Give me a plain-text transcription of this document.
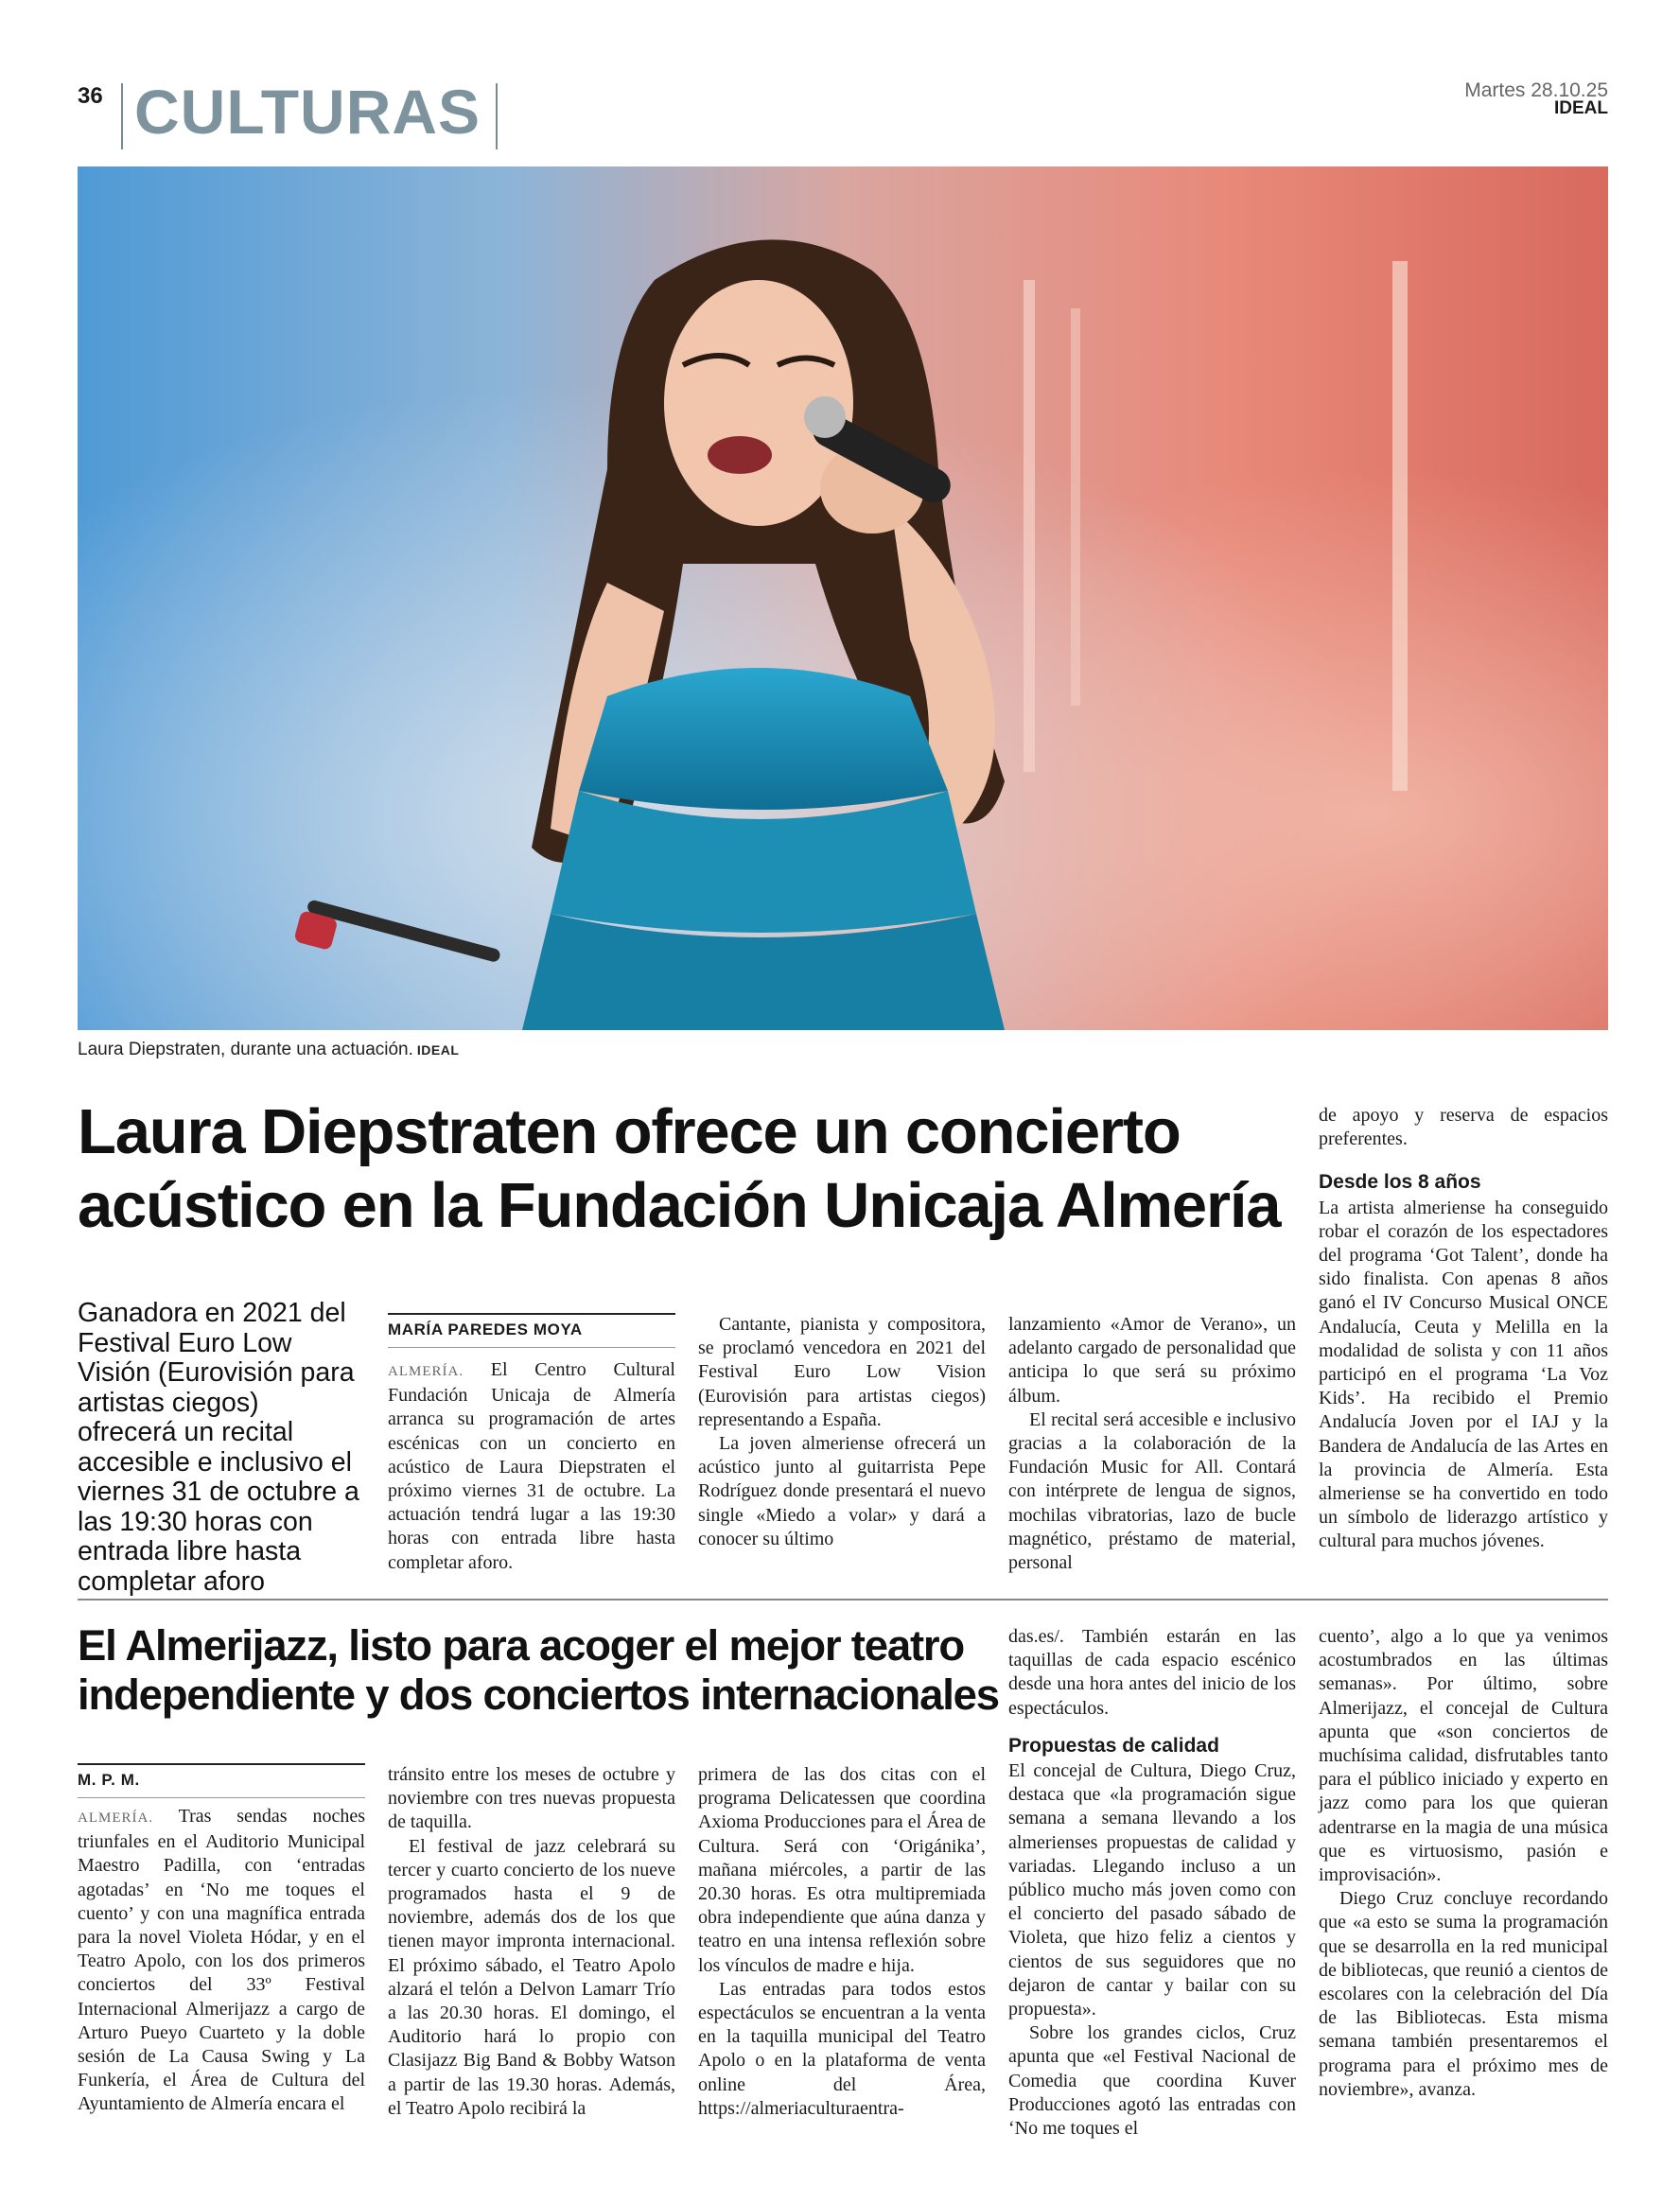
36 CULTURAS	Martes 28.10.25
IDEAL
Laura Diepstraten, durante una actuación. IDEAL
Laura Diepstraten ofrece un concierto acústico en la Fundación Unicaja Almería
Ganadora en 2021 del Festival Euro Low Visión (Eurovisión para artistas ciegos) ofrecerá un recital accesible e inclusivo el viernes 31 de octubre a las 19:30 horas con entrada libre hasta completar aforo
MARÍA PAREDES MOYA

ALMERÍA. El Centro Cultural Fundación Unicaja de Almería arranca su programación de artes escénicas con un concierto en acústico de Laura Diepstraten el próximo viernes 31 de octubre. La actuación tendrá lugar a las 19:30 horas con entrada libre hasta completar aforo.

Cantante, pianista y compositora, se proclamó vencedora en 2021 del Festival Euro Low Vision (Eurovisión para artistas ciegos) representando a España.

La joven almeriense ofrecerá un acústico junto al guitarrista Pepe Rodríguez donde presentará el nuevo single «Miedo a volar» y dará a conocer su último

lanzamiento «Amor de Verano», un adelanto cargado de personalidad que anticipa lo que será su próximo álbum.

El recital será accesible e inclusivo gracias a la colaboración de la Fundación Music for All. Contará con intérprete de lengua de signos, mochilas vibratorias, lazo de bucle magnético, préstamo de material, personal

de apoyo y reserva de espacios preferentes.

Desde los 8 años

La artista almeriense ha conseguido robar el corazón de los espectadores del programa ‘Got Talent’, donde ha sido finalista. Con apenas 8 años ganó el IV Concurso Musical ONCE Andalucía, Ceuta y Melilla en la modalidad de solista y con 11 años participó en el programa ‘La Voz Kids’. Ha recibido el Premio Andalucía Joven por el IAJ y la Bandera de Andalucía de las Artes en la provincia de Almería. Esta almeriense se ha convertido en todo un símbolo de liderazgo artístico y cultural para muchos jóvenes.

El Almerijazz, listo para acoger el mejor teatro independiente y dos conciertos internacionales
M. P. M.

ALMERÍA. Tras sendas noches triunfales en el Auditorio Municipal Maestro Padilla, con ‘entradas agotadas’ en ‘No me toques el cuento’ y con una magnífica entrada para la novel Violeta Hódar, y en el Teatro Apolo, con los dos primeros conciertos del 33º Festival Internacional Almerijazz a cargo de Arturo Pueyo Cuarteto y la doble sesión de La Causa Swing y La Funkería, el Área de Cultura del Ayuntamiento de Almería encara el

tránsito entre los meses de octubre y noviembre con tres nuevas propuesta de taquilla.

El festival de jazz celebrará su tercer y cuarto concierto de los nueve programados hasta el 9 de noviembre, además dos de los que tienen mayor impronta internacional. El próximo sábado, el Teatro Apolo alzará el telón a Delvon Lamarr Trío a las 20.30 horas. El domingo, el Auditorio hará lo propio con Clasijazz Big Band & Bobby Watson a partir de las 19.30 horas. Además, el Teatro Apolo recibirá la

primera de las dos citas con el programa Delicatessen que coordina Axioma Producciones para el Área de Cultura. Será con ‘Origánika’, mañana miércoles, a partir de las 20.30 horas. Es otra multipremiada obra independiente que aúna danza y teatro en una intensa reflexión sobre los vínculos de madre e hija.

Las entradas para todos estos espectáculos se encuentran a la venta en la taquilla municipal del Teatro Apolo o en la plataforma de venta online del Área, https://almeriaculturaentra-

das.es/. También estarán en las taquillas de cada espacio escénico desde una hora antes del inicio de los espectáculos.

Propuestas de calidad

El concejal de Cultura, Diego Cruz, destaca que «la programación sigue semana a semana llevando a los almerienses propuestas de calidad y variadas. Llegando incluso a un público mucho más joven como con el concierto del pasado sábado de Violeta, que hizo feliz a cientos y cientos de sus seguidores que no dejaron de cantar y bailar con su propuesta».

Sobre los grandes ciclos, Cruz apunta que «el Festival Nacional de Comedia que coordina Kuver Producciones agotó las entradas con ‘No me toques el

cuento’, algo a lo que ya venimos acostumbrados en las últimas semanas». Por último, sobre Almerijazz, el concejal de Cultura apunta que «son conciertos de muchísima calidad, disfrutables tanto para el público iniciado y experto en jazz como para los que quieran adentrarse en la magia de una música que es virtuosismo, pasión e improvisación».

Diego Cruz concluye recordando que «a esto se suma la programación que se desarrolla en la red municipal de bibliotecas, que reunió a cientos de escolares con la celebración del Día de las Bibliotecas. Esta misma semana también presentaremos el programa para el próximo mes de noviembre», avanza.
